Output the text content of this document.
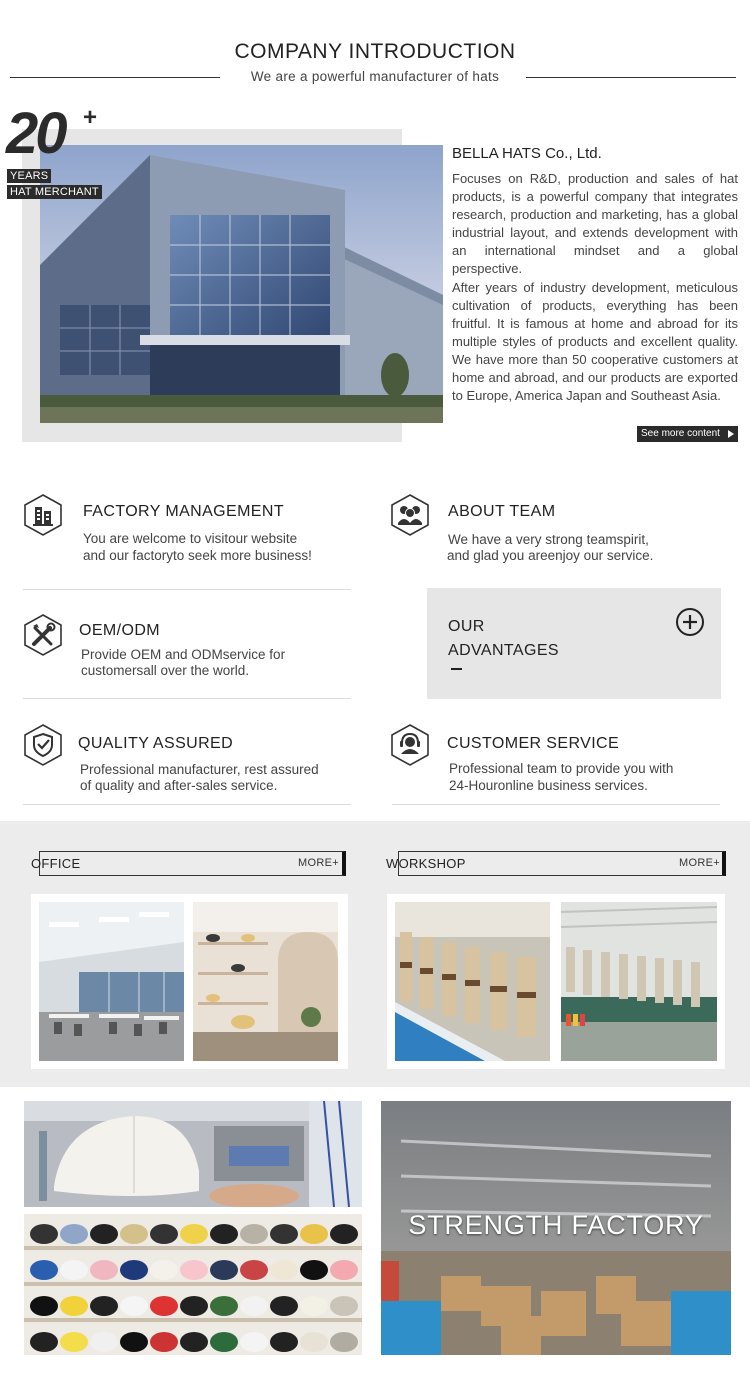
COMPANY INTRODUCTION
We are a powerful manufacturer of hats
20 +
YEARS
HAT MERCHANT
BELLA HATS Co., Ltd.

Focuses on R&D, production and sales of hat products, is a powerful company that integrates research, production and marketing, has a global industrial layout, and extends development with an international mindset and a global perspective.

After years of industry development, meticulous cultivation of products, everything has been fruitful. It is famous at home and abroad for its multiple styles of products and excellent quality. We have more than 50 cooperative customers at home and abroad, and our products are exported to Europe, America Japan and Southeast Asia.

See more content
FACTORY MANAGEMENT
You are welcome to visitour website
and our factoryto seek more business!
ABOUT TEAM
We have a very strong teamspirit,
and glad you areenjoy our service.
OEM/ODM
Provide OEM and ODMservice for
customersall over the world.
OUR
ADVANTAGES
QUALITY ASSURED
Professional manufacturer, rest assured
of quality and after-sales service.
CUSTOMER SERVICE
Professional team to provide you with
24-Houronline business services.
OFFICE	MORE+	WORKSHOP	MORE+
STRENGTH FACTORY
